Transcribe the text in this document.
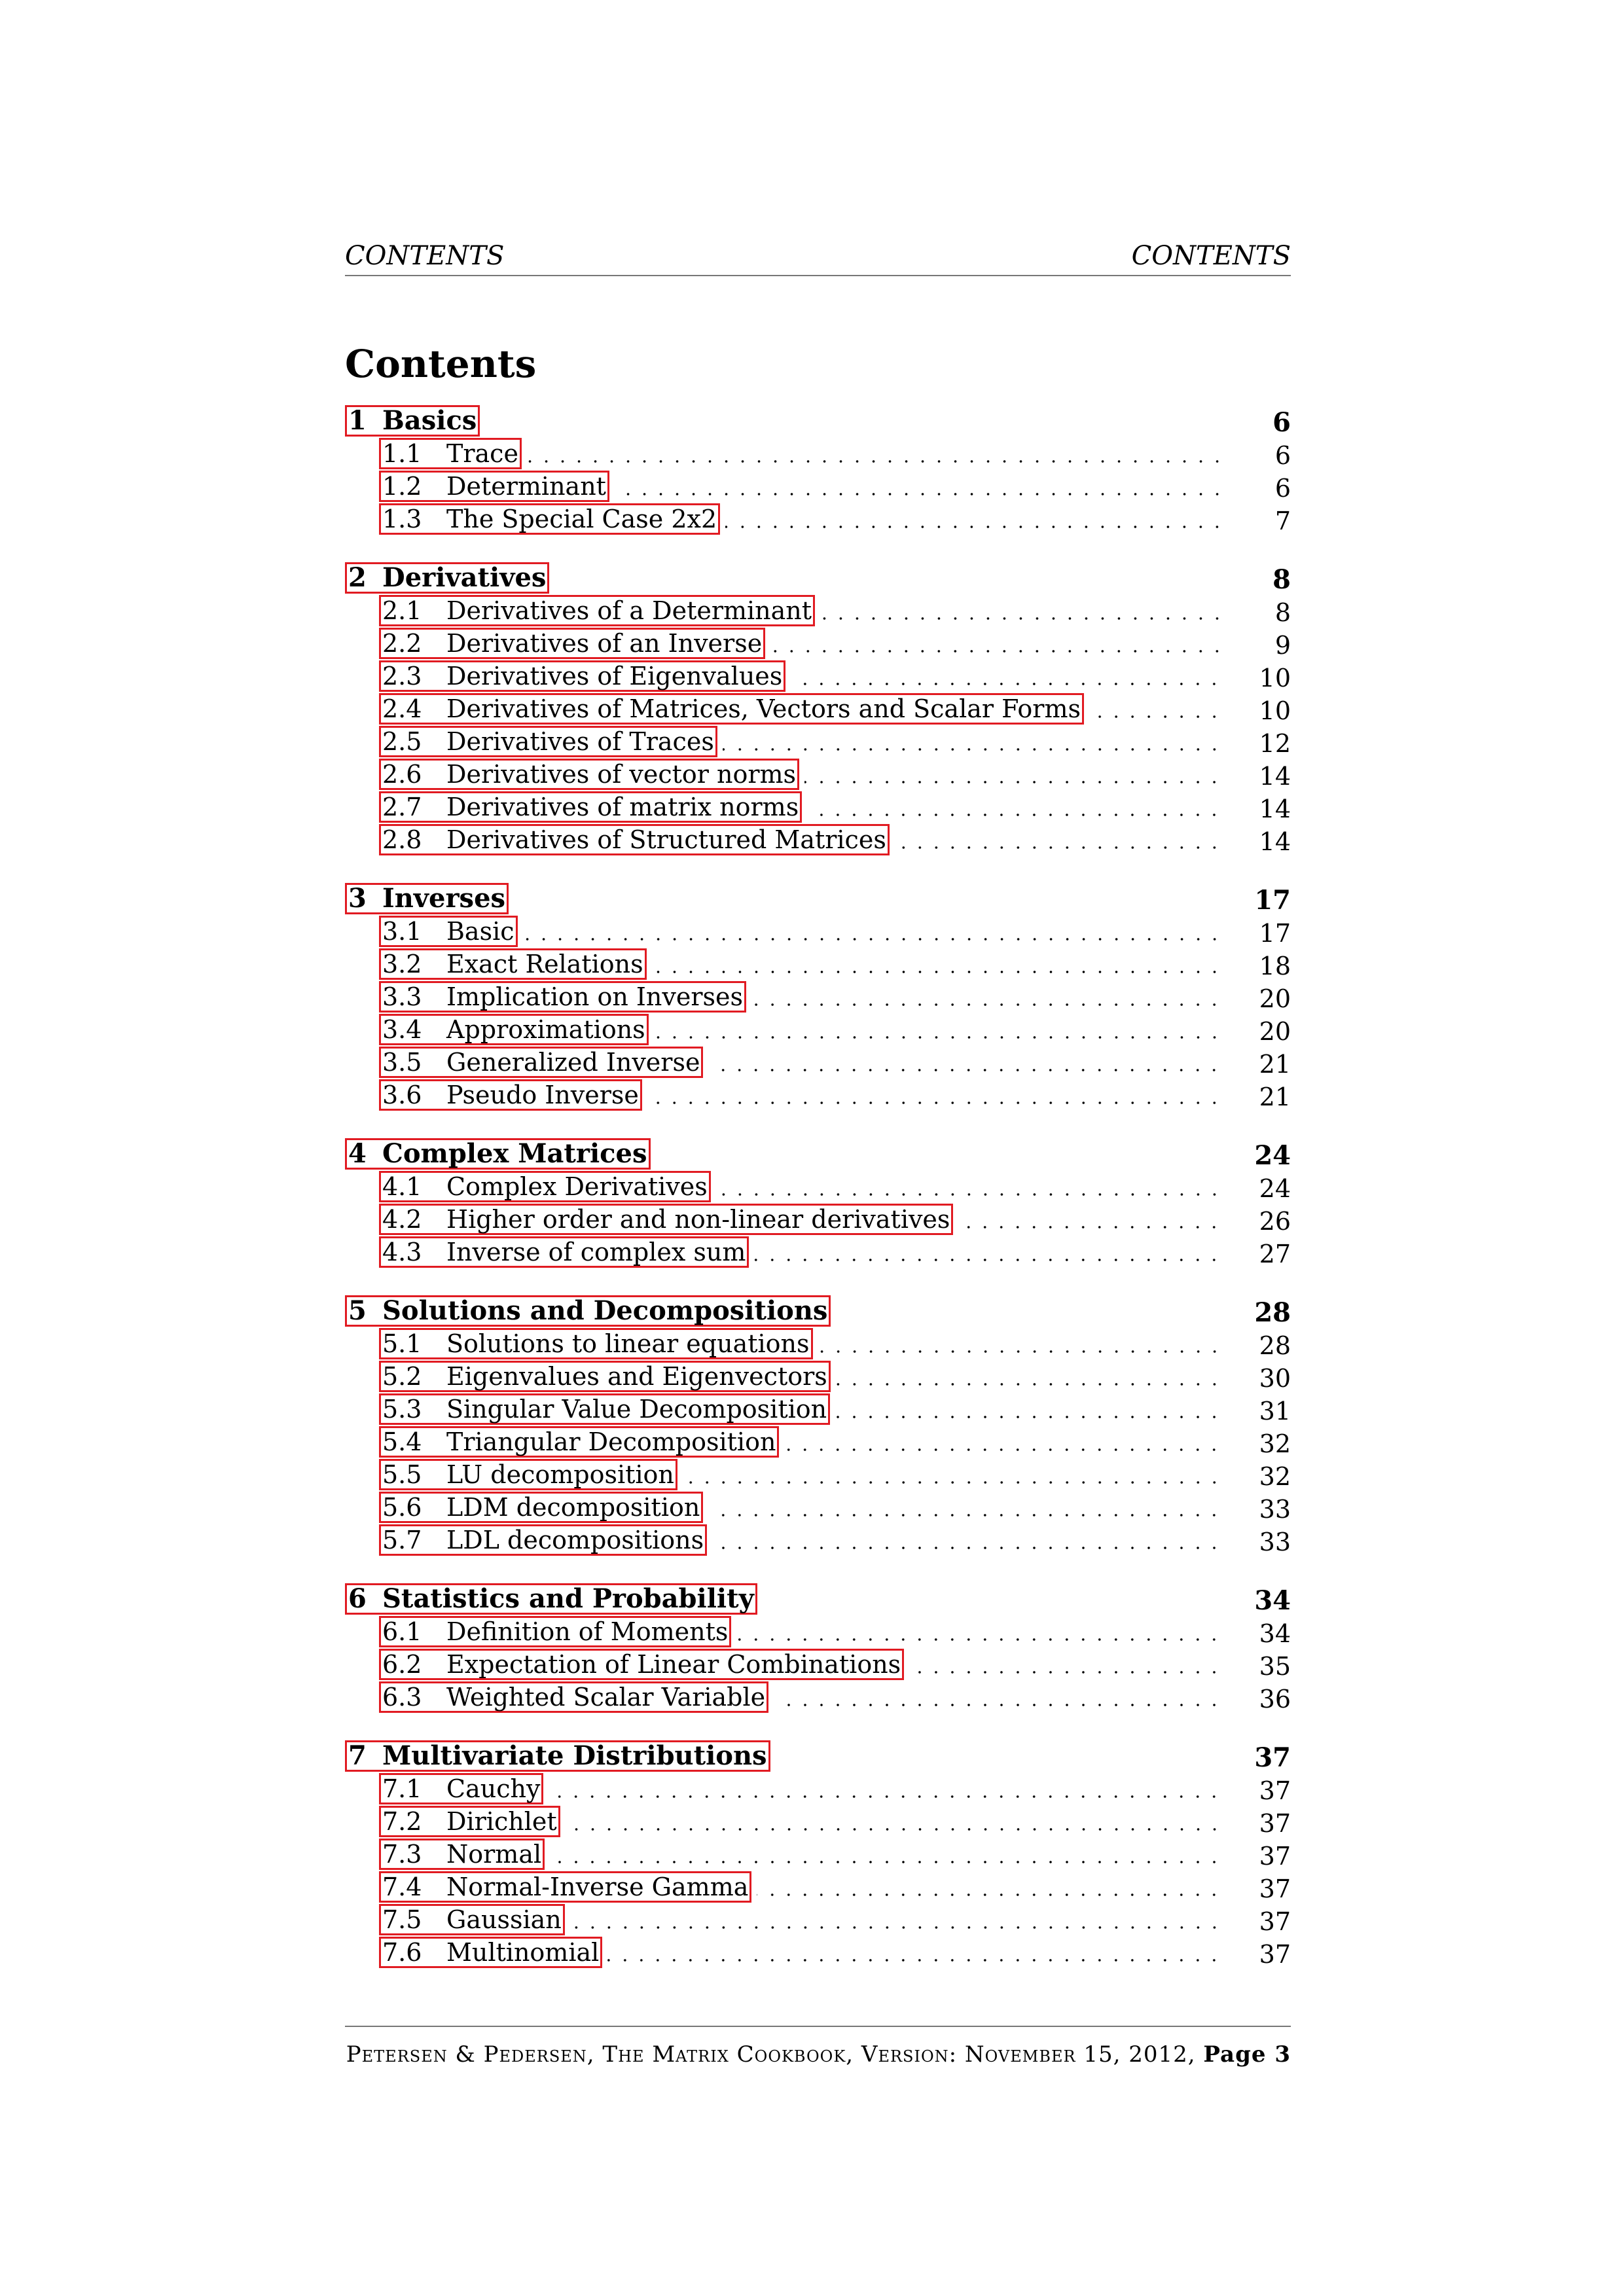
CONTENTS	CONTENTS
Contents
1 Basics	6
1.1 Trace	6
1.2 Determinant	6
1.3 The Special Case 2x2	7
2 Derivatives	8
2.1 Derivatives of a Determinant	8
2.2 Derivatives of an Inverse	9
2.3 Derivatives of Eigenvalues	10
2.4 Derivatives of Matrices, Vectors and Scalar Forms	10
2.5 Derivatives of Traces	12
2.6 Derivatives of vector norms	14
2.7 Derivatives of matrix norms	14
2.8 Derivatives of Structured Matrices	14
3 Inverses	17
3.1 Basic	17
3.2 Exact Relations	18
3.3 Implication on Inverses	20
3.4 Approximations	20
3.5 Generalized Inverse	21
3.6 Pseudo Inverse	21
4 Complex Matrices	24
4.1 Complex Derivatives	24
4.2 Higher order and non-linear derivatives	26
4.3 Inverse of complex sum	27
5 Solutions and Decompositions	28
5.1 Solutions to linear equations	28
5.2 Eigenvalues and Eigenvectors	30
5.3 Singular Value Decomposition	31
5.4 Triangular Decomposition	32
5.5 LU decomposition	32
5.6 LDM decomposition	33
5.7 LDL decompositions	33
6 Statistics and Probability	34
6.1 Definition of Moments	34
6.2 Expectation of Linear Combinations	35
6.3 Weighted Scalar Variable	36
7 Multivariate Distributions	37
7.1 Cauchy	37
7.2 Dirichlet	37
7.3 Normal	37
7.4 Normal-Inverse Gamma	37
7.5 Gaussian	37
7.6 Multinomial	37
Petersen & Pedersen, The Matrix Cookbook, Version: November 15, 2012, Page 3
